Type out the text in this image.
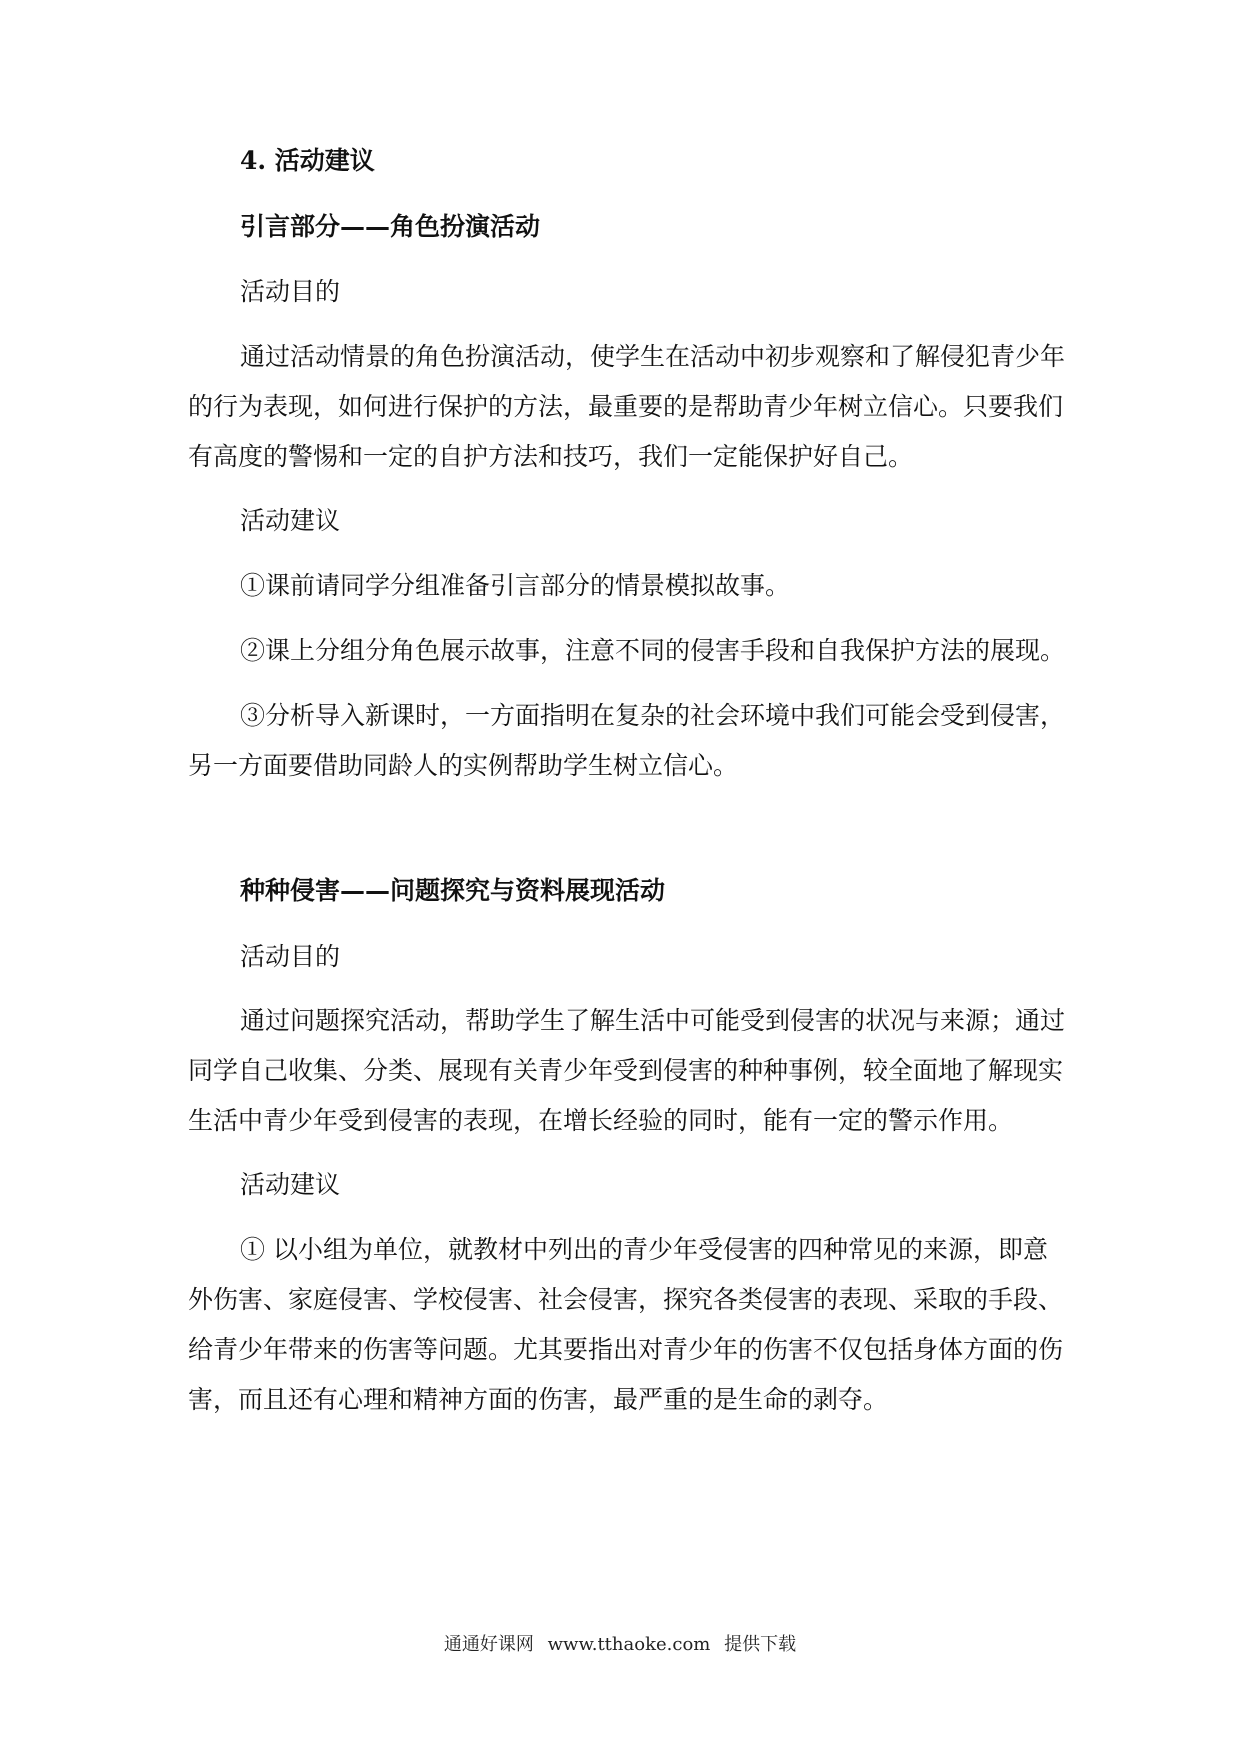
4. 活动建议
引言部分——角色扮演活动
活动目的
通过活动情景的角色扮演活动，使学生在活动中初步观察和了解侵犯青少年
的行为表现，如何进行保护的方法，最重要的是帮助青少年树立信心。只要我们
有高度的警惕和一定的自护方法和技巧，我们一定能保护好自己。
活动建议
①课前请同学分组准备引言部分的情景模拟故事。
②课上分组分角色展示故事，注意不同的侵害手段和自我保护方法的展现。
③分析导入新课时，一方面指明在复杂的社会环境中我们可能会受到侵害，
另一方面要借助同龄人的实例帮助学生树立信心。
种种侵害——问题探究与资料展现活动
活动目的
通过问题探究活动，帮助学生了解生活中可能受到侵害的状况与来源；通过
同学自己收集、分类、展现有关青少年受到侵害的种种事例，较全面地了解现实
生活中青少年受到侵害的表现，在增长经验的同时，能有一定的警示作用。
活动建议
① 以小组为单位，就教材中列出的青少年受侵害的四种常见的来源，即意
外伤害、家庭侵害、学校侵害、社会侵害，探究各类侵害的表现、采取的手段、
给青少年带来的伤害等问题。尤其要指出对青少年的伤害不仅包括身体方面的伤
害，而且还有心理和精神方面的伤害，最严重的是生命的剥夺。
通通好课网 www.tthaoke.com 提供下载
